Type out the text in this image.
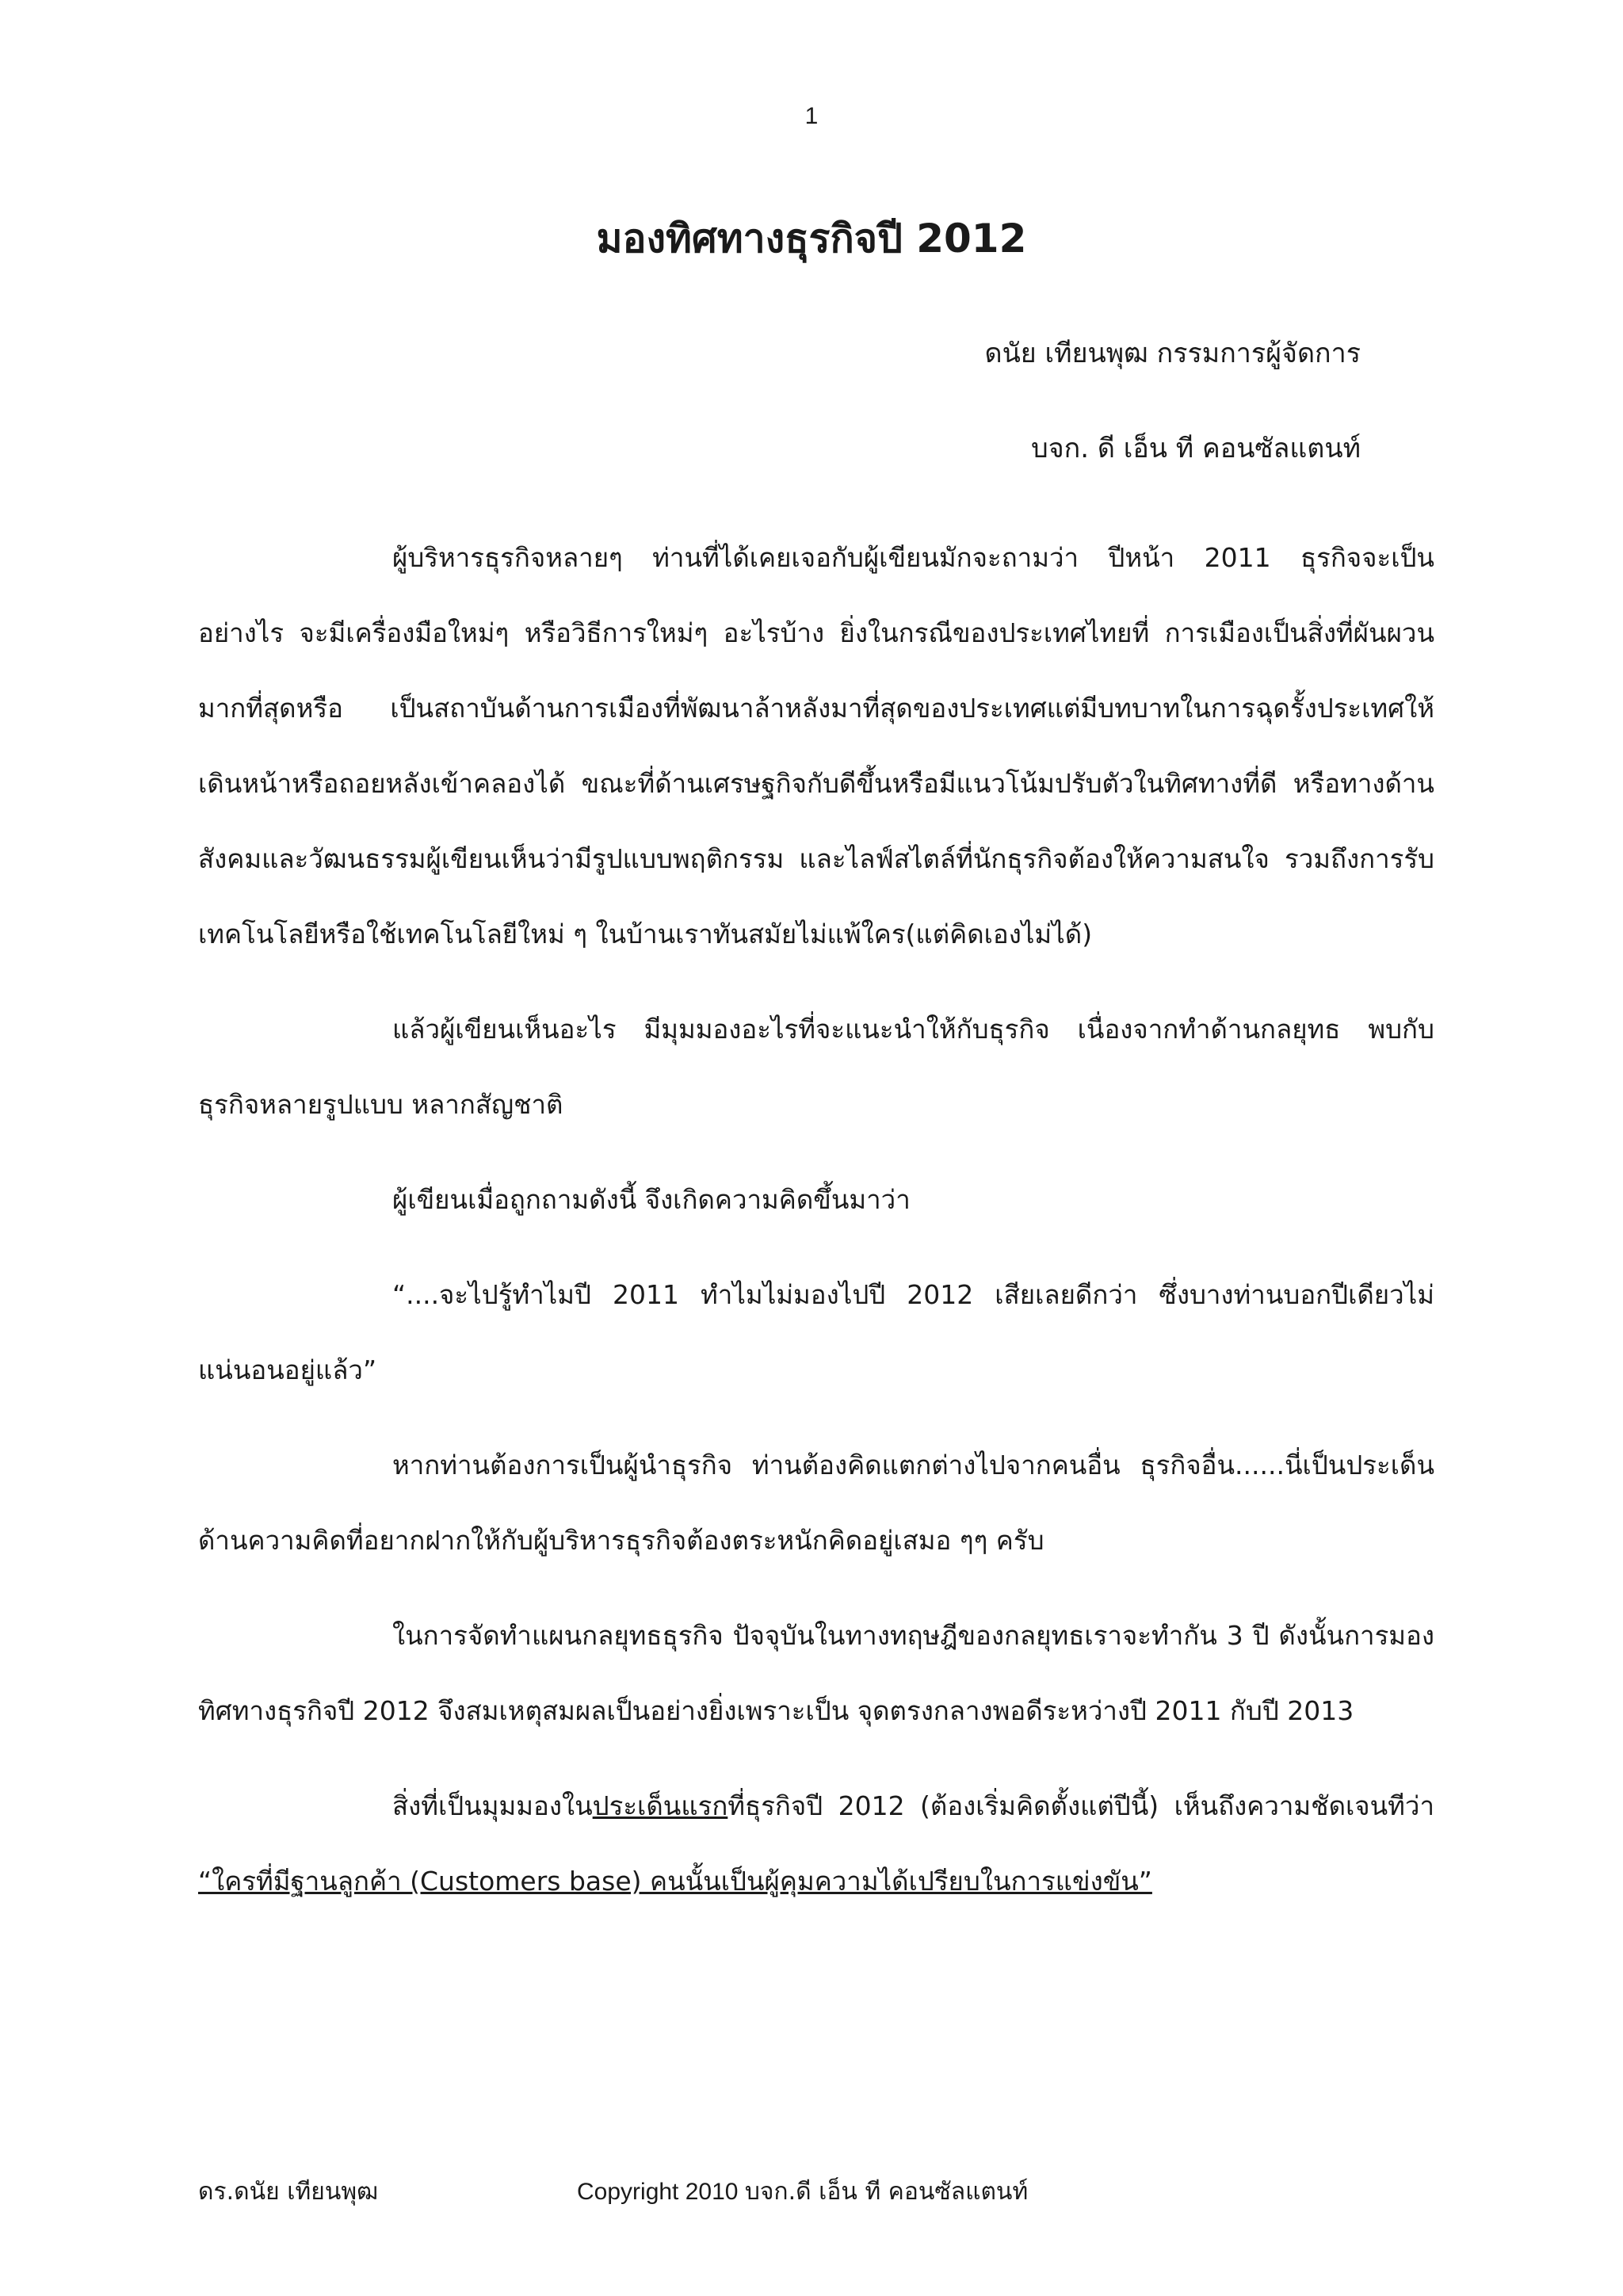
1
มองทิศทางธุรกิจปี 2012
ดนัย เทียนพุฒ กรรมการผู้จัดการ
บจก. ดี เอ็น ที คอนซัลแตนท์

ผู้บริหารธุรกิจหลายๆ ท่านที่ได้เคยเจอกับผู้เขียนมักจะถามว่า ปีหน้า 2011 ธุรกิจจะเป็นอย่างไร จะมีเครื่องมือใหม่ๆ หรือวิธีการใหม่ๆ อะไรบ้าง ยิ่งในกรณีของประเทศไทยที่ การเมืองเป็นสิ่งที่ผันผวนมากที่สุดหรือ เป็นสถาบันด้านการเมืองที่พัฒนาล้าหลังมาที่สุดของประเทศแต่มีบทบาทในการฉุดรั้งประเทศให้เดินหน้าหรือถอยหลังเข้าคลองได้ ขณะที่ด้านเศรษฐกิจกับดีขึ้นหรือมีแนวโน้มปรับตัวในทิศทางที่ดี หรือทางด้านสังคมและวัฒนธรรมผู้เขียนเห็นว่ามีรูปแบบพฤติกรรม และไลฟ์สไตล์ที่นักธุรกิจต้องให้ความสนใจ รวมถึงการรับเทคโนโลยีหรือใช้เทคโนโลยีใหม่ ๆ ในบ้านเราทันสมัยไม่แพ้ใคร(แต่คิดเองไม่ได้)

แล้วผู้เขียนเห็นอะไร มีมุมมองอะไรที่จะแนะนำให้กับธุรกิจ เนื่องจากทำด้านกลยุทธ พบกับธุรกิจหลายรูปแบบ หลากสัญชาติ

ผู้เขียนเมื่อถูกถามดังนี้ จึงเกิดความคิดขึ้นมาว่า

“....จะไปรู้ทำไมปี 2011 ทำไมไม่มองไปปี 2012 เสียเลยดีกว่า ซึ่งบางท่านบอกปีเดียวไม่แน่นอนอยู่แล้ว”

หากท่านต้องการเป็นผู้นำธุรกิจ ท่านต้องคิดแตกต่างไปจากคนอื่น ธุรกิจอื่น......นี่เป็นประเด็นด้านความคิดที่อยากฝากให้กับผู้บริหารธุรกิจต้องตระหนักคิดอยู่เสมอ ๆๆ ครับ

ในการจัดทำแผนกลยุทธธุรกิจ ปัจจุบันในทางทฤษฎีของกลยุทธเราจะทำกัน 3 ปี ดังนั้นการมองทิศทางธุรกิจปี 2012 จึงสมเหตุสมผลเป็นอย่างยิ่งเพราะเป็น จุดตรงกลางพอดีระหว่างปี 2011 กับปี 2013

สิ่งที่เป็นมุมมองในประเด็นแรกที่ธุรกิจปี 2012 (ต้องเริ่มคิดตั้งแต่ปีนี้) เห็นถึงความชัดเจนทีว่า “ใครที่มีฐานลูกค้า (Customers base) คนนั้นเป็นผู้คุมความได้เปรียบในการแข่งขัน”

ดร.ดนัย เทียนพุฒ	Copyright 2010 บจก.ดี เอ็น ที คอนซัลแตนท์
